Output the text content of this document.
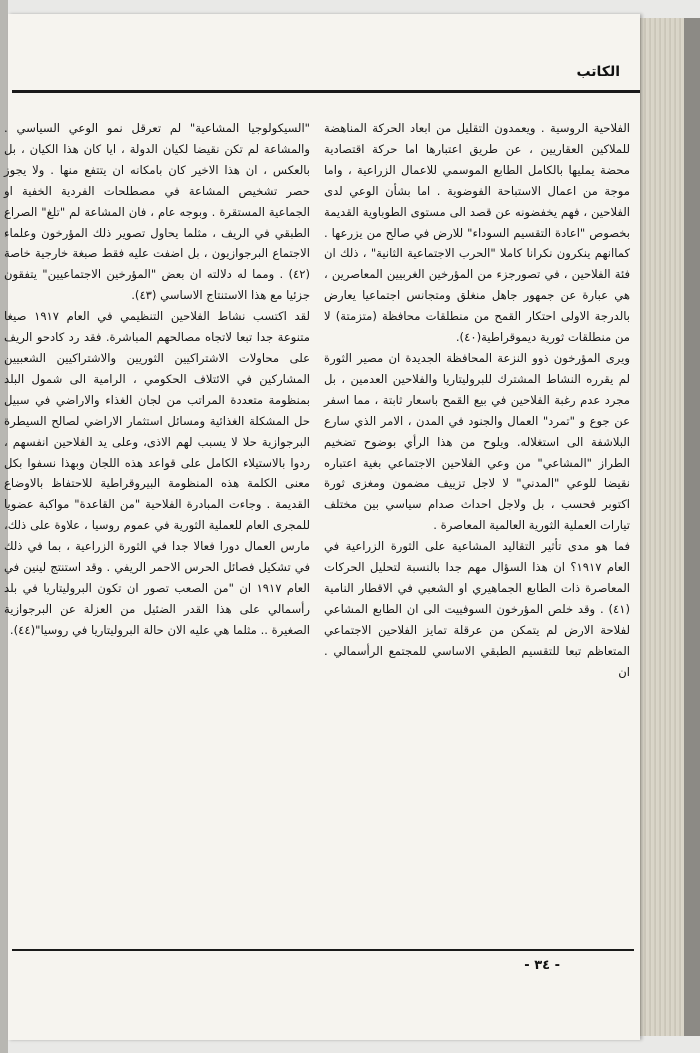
الكاتب

الفلاحية الروسية . ويعمدون التقليل من ابعاد الحركة المناهضة للملاكين العقاريين ، عن طريق اعتبارها اما حركة اقتصادية محضة يمليها بالكامل الطابع الموسمي للاعمال الزراعية ، واما موجة من اعمال الاستباحة الفوضوية . اما بشأن الوعي لدى الفلاحين ، فهم يخفضونه عن قصد الى مستوى الطوباوية القديمة بخصوص "اعادة التقسيم السوداء" للارض في صالح من يزرعها . كماانهم ينكرون نكرانا كاملا "الحرب الاجتماعية الثانية" ، ذلك ان فئة الفلاحين ، في تصورجزء من المؤرخين الغربيين المعاصرين ، هي عبارة عن جمهور جاهل منغلق ومتجانس اجتماعيا يعارض بالدرجة الاولى احتكار القمح من منطلقات محافظة (متزمتة) لا من منطلقات ثورية ديموقراطية(٤٠).

ويرى المؤرخون ذوو النزعة المحافظة الجديدة ان مصير الثورة لم يقرره النشاط المشترك للبروليتاريا والفلاحين العدمين ، بل مجرد عدم رغبة الفلاحين في بيع القمح باسعار ثابتة ، مما اسفر عن جوع و "تمرد" العمال والجنود في المدن ، الامر الذي سارع البلاشفة الى استغلاله. ويلوح من هذا الرأي بوضوح تضخيم الطراز "المشاعي" من وعي الفلاحين الاجتماعي بغية اعتباره نقيضا للوعي "المدني" لا لاجل تزييف مضمون ومغزى ثورة اكتوبر فحسب ، بل ولاجل احداث صدام سياسي بين مختلف تيارات العملية الثورية العالمية المعاصرة .

فما هو مدى تأثير التقاليد المشاعية على الثورة الزراعية في العام ١٩١٧؟ ان هذا السؤال مهم جدا بالنسبة لتحليل الحركات المعاصرة ذات الطابع الجماهيري او الشعبي في الاقطار النامية (٤١) . وقد خلص المؤرخون السوفييت الى ان الطابع المشاعي لفلاحة الارض لم يتمكن من عرقلة تمايز الفلاحين الاجتماعي المتعاظم تبعا للتقسيم الطبقي الاساسي للمجتمع الرأسمالي . ان

"السيكولوجيا المشاعية" لم تعرقل نمو الوعي السياسي . والمشاعة لم تكن نقيضا لكيان الدولة ، ايا كان هذا الكيان ، بل بالعكس ، ان هذا الاخير كان بامكانه ان يتتفع منها . ولا يجوز حصر تشخيص المشاعة في مصطلحات الفردية الخفية او الجماعية المستقرة . وبوجه عام ، فان المشاعة لم "تلغ" الصراع الطبقي في الريف ، مثلما يحاول تصوير ذلك المؤرخون وعلماء الاجتماع البرجوازيون ، بل اضفت عليه فقط صبغة خارجية خاصة (٤٢) . ومما له دلالته ان بعض "المؤرخين الاجتماعيين" يتفقون جزئيا مع هذا الاستنتاج الاساسي (٤٣).

لقد اكتسب نشاط الفلاحين التنظيمي في العام ١٩١٧ صيغا متنوعة جدا تبعا لاتجاه مصالحهم المباشرة. فقد رد كادحو الريف على محاولات الاشتراكيين الثوريين والاشتراكيين الشعبيين المشاركين في الائتلاف الحكومي ، الرامية الى شمول البلد بمنظومة متعددة المراتب من لجان الغذاء والاراضي في سبيل حل المشكلة الغذائية ومسائل استثمار الاراضي لصالح السيطرة البرجوازية حلا لا يسبب لهم الاذى، وعلى يد الفلاحين انفسهم ، ردوا بالاستيلاء الكامل على قواعد هذه اللجان وبهذا نسفوا بكل معنى الكلمة هذه المنظومة البيروقراطية للاحتفاظ بالاوضاع القديمة . وجاءت المبادرة الفلاحية "من القاعدة" مواكبة عضويا للمجرى العام للعملية الثورية في عموم روسيا ، علاوة على ذلك، مارس العمال دورا فعالا جدا في الثورة الزراعية ، بما في ذلك في تشكيل فصائل الحرس الاحمر الريفي . وقد استنتج لينين في العام ١٩١٧ ان "من الصعب تصور ان تكون البروليتاريا في بلد رأسمالي على هذا القدر الضئيل من العزلة عن البرجوازية الصغيرة .. مثلما هي عليه الان حالة البروليتاريا في روسيا"(٤٤).

- ٣٤ -
